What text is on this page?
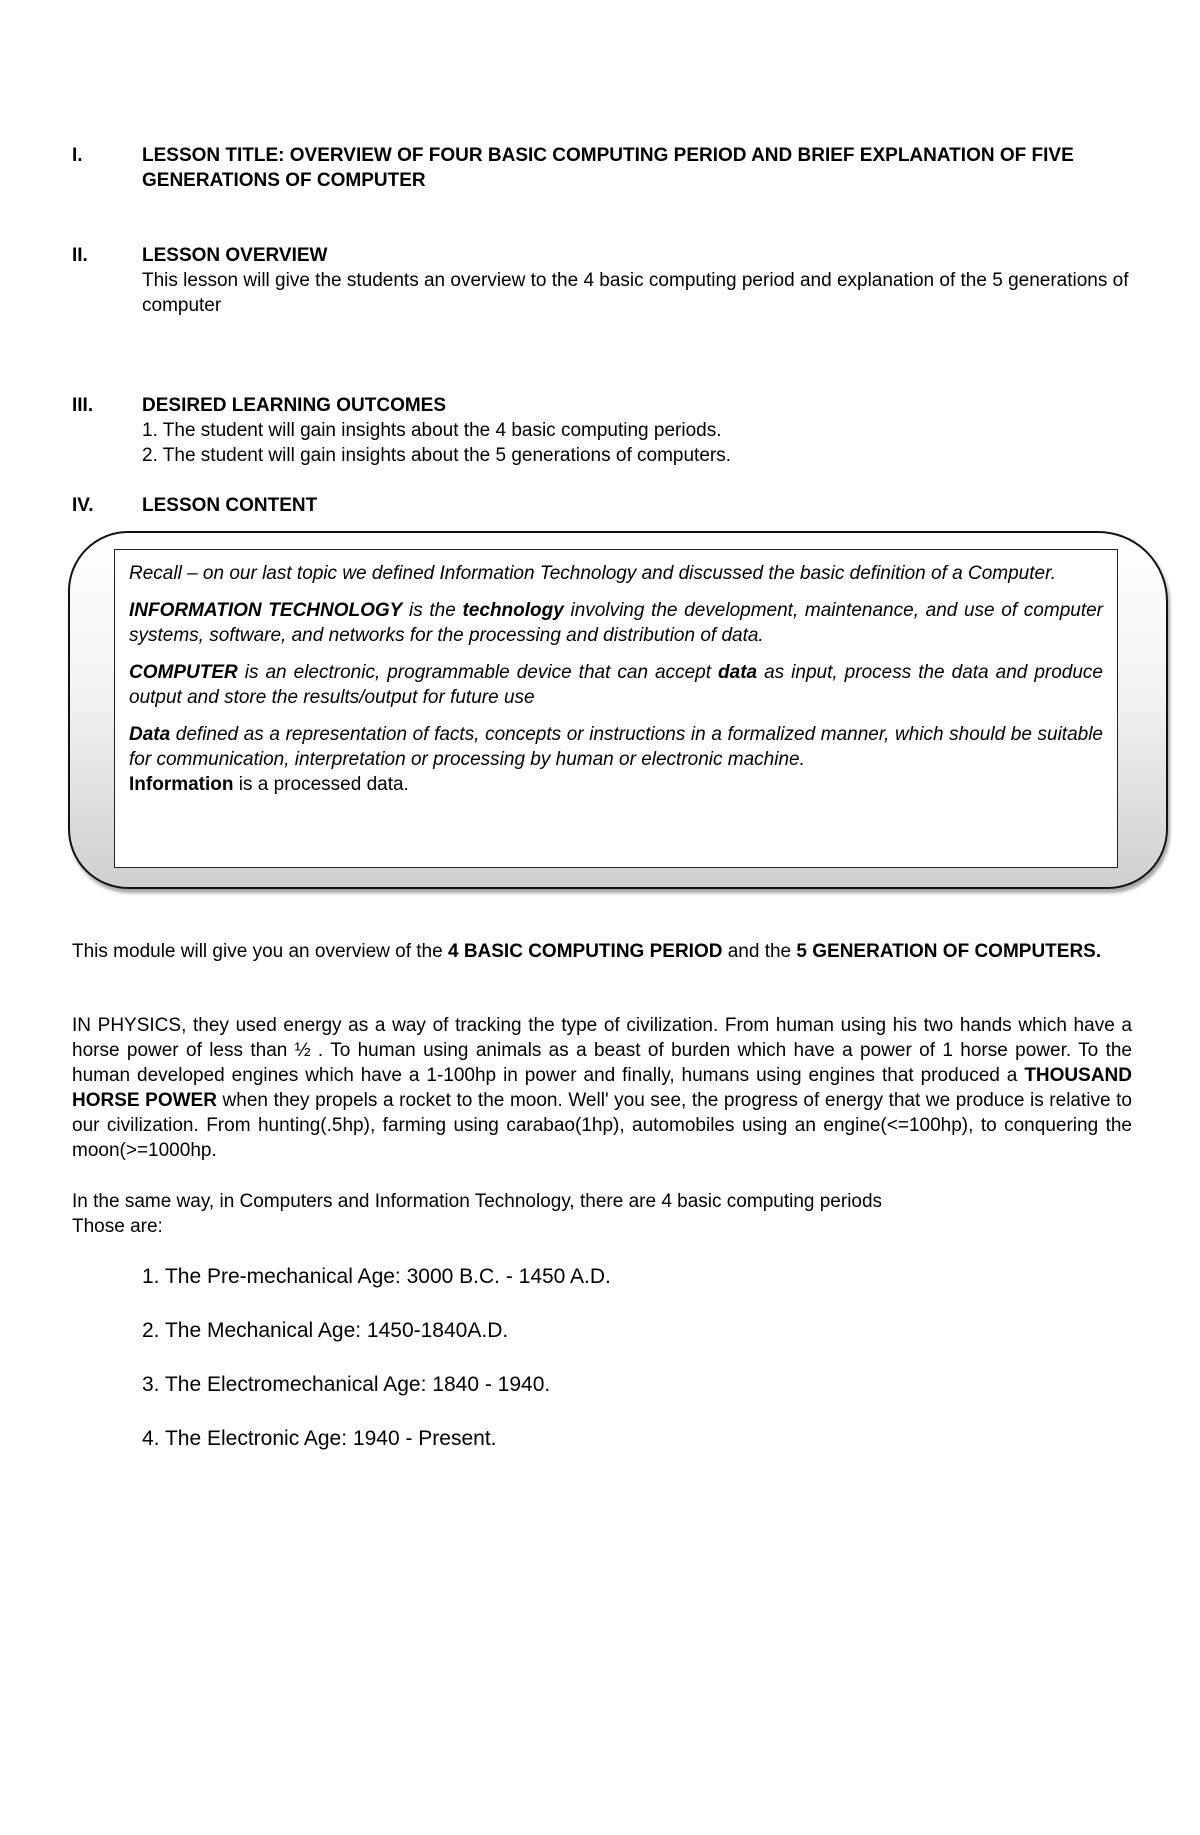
I.	LESSON TITLE: OVERVIEW OF FOUR BASIC COMPUTING PERIOD AND BRIEF EXPLANATION OF FIVE GENERATIONS OF COMPUTER
II.	LESSON OVERVIEW
This lesson will give the students an overview to the 4 basic computing period and explanation of the 5 generations of computer
III.	DESIRED LEARNING OUTCOMES
1. The student will gain insights about the 4 basic computing periods.
2. The student will gain insights about the 5 generations of computers.
IV.	LESSON CONTENT

Recall – on our last topic we defined Information Technology and discussed the basic definition of a Computer.

INFORMATION TECHNOLOGY is the technology involving the development, maintenance, and use of computer systems, software, and networks for the processing and distribution of data.

COMPUTER is an electronic, programmable device that can accept data as input, process the data and produce output and store the results/output for future use

Data defined as a representation of facts, concepts or instructions in a formalized manner, which should be suitable for communication, interpretation or processing by human or electronic machine.
Information is a processed data.

This module will give you an overview of the 4 BASIC COMPUTING PERIOD and the 5 GENERATION OF COMPUTERS.

IN PHYSICS, they used energy as a way of tracking the type of civilization. From human using his two hands which have a horse power of less than ½ . To human using animals as a beast of burden which have a power of 1 horse power. To the human developed engines which have a 1-100hp in power and finally, humans using engines that produced a THOUSAND HORSE POWER when they propels a rocket to the moon. Well' you see, the progress of energy that we produce is relative to our civilization. From hunting(.5hp), farming using carabao(1hp), automobiles using an engine(<=100hp), to conquering the moon(>=1000hp.

In the same way, in Computers and Information Technology, there are 4 basic computing periods

Those are:

1. The Pre-mechanical Age: 3000 B.C. - 1450 A.D.
2. The Mechanical Age: 1450-1840A.D.
3. The Electromechanical Age: 1840 - 1940.
4. The Electronic Age: 1940 - Present.
